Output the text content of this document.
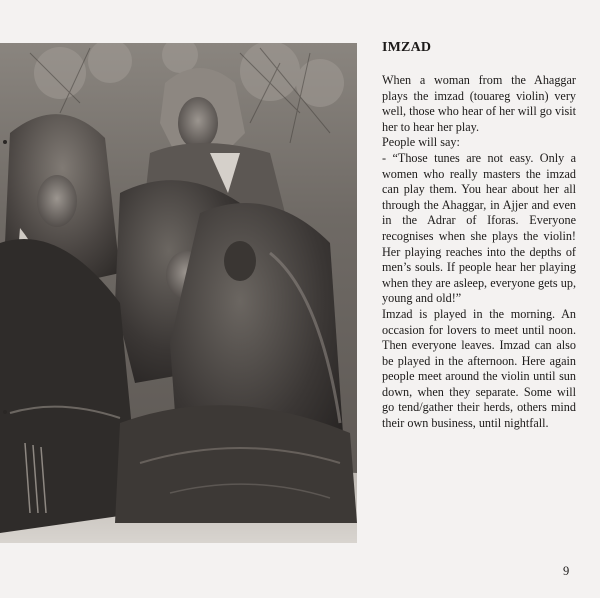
IMZAD

When a woman from the Ahaggar plays the imzad (touareg violin) very well, those who hear of her will go visit her to hear her play.

People will say:

- “Those tunes are not easy. Only a women who really masters the imzad can play them. You hear about her all through the Ahaggar, in Ajjer and even in the Adrar of Iforas. Everyone recognises when she plays the violin! Her playing reaches into the depths of men’s souls. If people hear her playing when they are asleep, everyone gets up, young and old!”

Imzad is played in the morning. An occasion for lovers to meet until noon. Then everyone leaves. Imzad can also be played in the afternoon. Here again people meet around the violin until sun down, when they separate. Some will go tend/gather their herds, others mind their own business, until nightfall.

9
